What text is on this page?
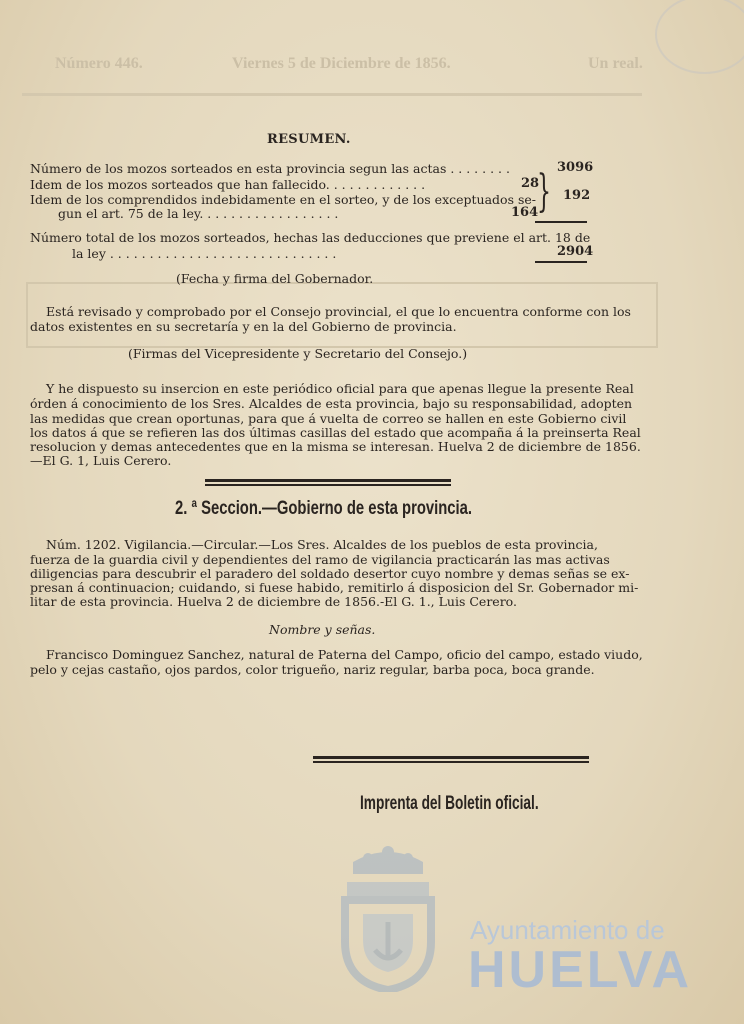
Número 446.	Viernes 5 de Diciembre de 1856.	Un real.
RESUMEN.
Número de los mozos sorteados en esta provincia segun las actas . . . . . . . .	3096
Idem de los mozos sorteados que han fallecido. . . . . . . . . . . . .	28
Idem de los comprendidos indebidamente en el sorteo, y de los exceptuados se-
gun el art. 75 de la ley. . . . . . . . . . . . . . . . . .	164
} 192
Número total de los mozos sorteados, hechas las deducciones que previene el art. 18 de
la ley . . . . . . . . . . . . . . . . . . . . . . . . . . . . .	2904
(Fecha y firma del Gobernador.
Está revisado y comprobado por el Consejo provincial, el que lo encuentra conforme con los
datos existentes en su secretaría y en la del Gobierno de provincia.
(Firmas del Vicepresidente y Secretario del Consejo.)
Y he dispuesto su insercion en este periódico oficial para que apenas llegue la presente Real
órden á conocimiento de los Sres. Alcaldes de esta provincia, bajo su responsabilidad, adopten
las medidas que crean oportunas, para que á vuelta de correo se hallen en este Gobierno civil
los datos á que se refieren las dos últimas casillas del estado que acompaña á la preinserta Real
resolucion y demas antecedentes que en la misma se interesan. Huelva 2 de diciembre de 1856.
—El G. 1, Luis Cerero.
2. ª Seccion.—Gobierno de esta provincia.
Núm. 1202. Vigilancia.—Circular.—Los Sres. Alcaldes de los pueblos de esta provincia,
fuerza de la guardia civil y dependientes del ramo de vigilancia practicarán las mas activas
diligencias para descubrir el paradero del soldado desertor cuyo nombre y demas señas se ex-
presan á continuacion; cuidando, si fuese habido, remitirlo á disposicion del Sr. Gobernador mi-
litar de esta provincia. Huelva 2 de diciembre de 1856.-El G. 1., Luis Cerero.
Nombre y señas.
Francisco Dominguez Sanchez, natural de Paterna del Campo, oficio del campo, estado viudo,
pelo y cejas castaño, ojos pardos, color trigueño, nariz regular, barba poca, boca grande.
Imprenta del Boletin oficial.
Ayuntamiento de
HUELVA
